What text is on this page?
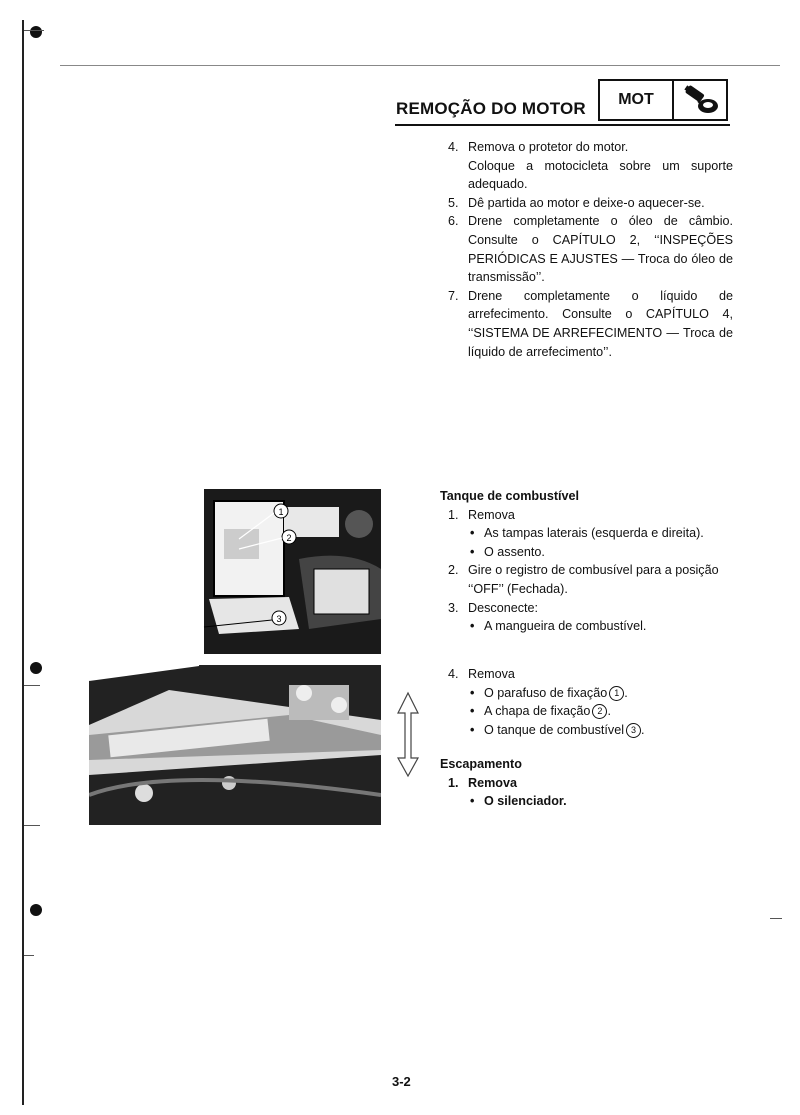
REMOÇÃO DO MOTOR	MOT
4. Remova o protetor do motor.
Coloque a motocicleta sobre um suporte adequado.
5. Dê partida ao motor e deixe-o aquecer-se.
6. Drene completamente o óleo de câmbio. Consulte o CAPÍTULO 2, ‘‘INSPEÇÕES PERIÓDICAS E AJUSTES — Troca do óleo de transmissão’’.
7. Drene completamente o líquido de arrefecimento. Consulte o CAPÍTULO 4, ‘‘SISTEMA DE ARREFECIMENTO — Troca de líquido de arrefecimento’’.
1
2
3
Tanque de combustível
1. Remova
• As tampas laterais (esquerda e direita).
• O assento.
2. Gire o registro de combusível para a posição ‘‘OFF’’ (Fechada).
3. Desconecte:
• A mangueira de combustível.
4. Remova
• O parafuso de fixação 1 .
• A chapa de fixação 2 .
• O tanque de combustível 3 .
Escapamento
1. Remova
• O silenciador.
3-2
